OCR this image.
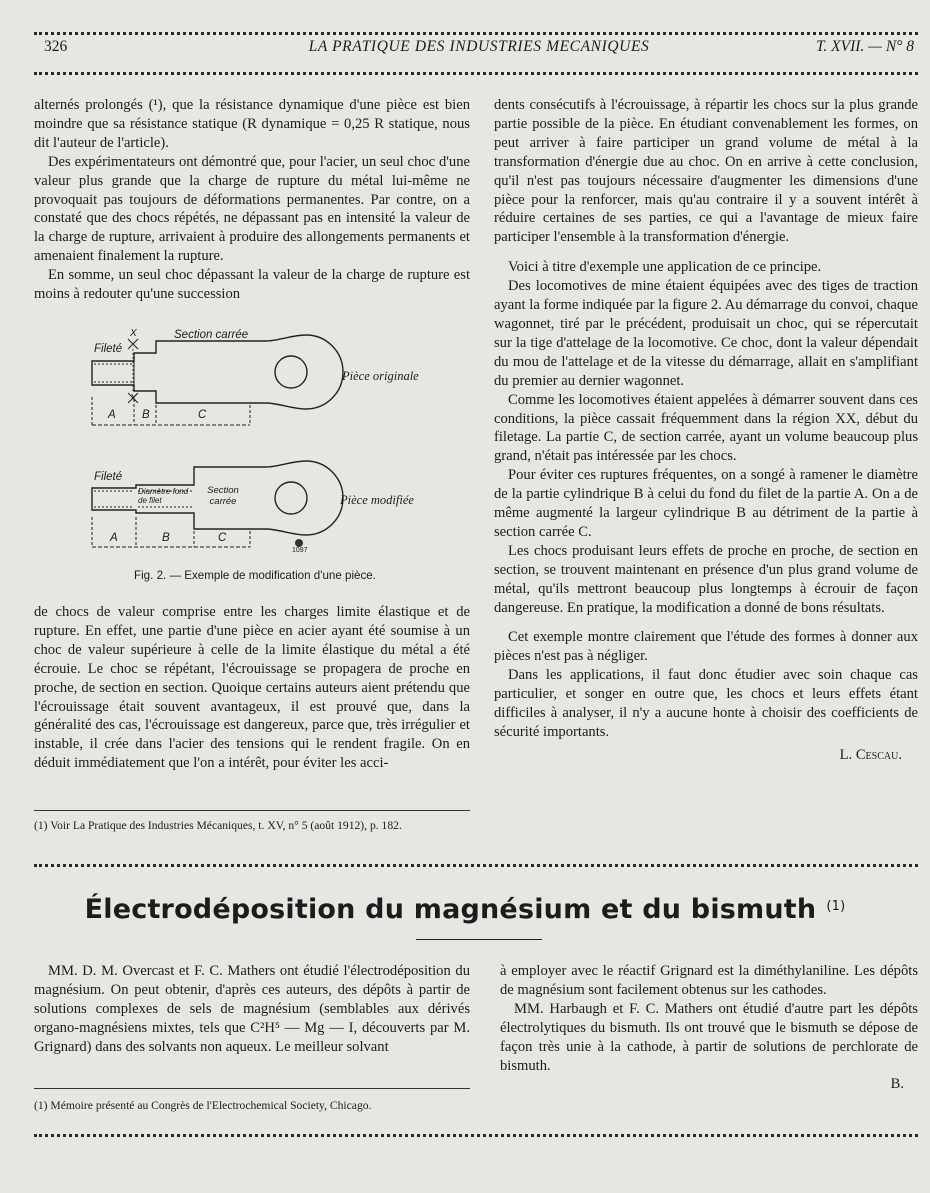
326	LA PRATIQUE DES INDUSTRIES MECANIQUES	T. XVII. — N° 8

alternés prolongés (¹), que la résistance dynamique d'une pièce est bien moindre que sa résistance statique (R dynamique = 0,25 R statique, nous dit l'auteur de l'article).

Des expérimentateurs ont démontré que, pour l'acier, un seul choc d'une valeur plus grande que la charge de rupture du métal lui-même ne provoquait pas toujours de déformations permanentes. Par contre, on a constaté que des chocs répétés, ne dépassant pas en intensité la valeur de la charge de rupture, arrivaient à produire des allongements permanents et amenaient finalement la rupture.

En somme, un seul choc dépassant la valeur de la charge de rupture est moins à redouter qu'une succession

Fileté
X	Section carrée
X
Pièce originale
A B	C
Fileté
Diamètre fond de filet
Section carrée	Pièce modifiée
A	B	C
1097
Fig. 2. — Exemple de modification d'une pièce.

de chocs de valeur comprise entre les charges limite élastique et de rupture. En effet, une partie d'une pièce en acier ayant été soumise à un choc de valeur supérieure à celle de la limite élastique du métal a été écrouie. Le choc se répétant, l'écrouissage se propagera de proche en proche, de section en section. Quoique certains auteurs aient prétendu que l'écrouissage était souvent avantageux, il est prouvé que, dans la généralité des cas, l'écrouissage est dangereux, parce que, très irrégulier et instable, il crée dans l'acier des tensions qui le rendent fragile. On en déduit immédiatement que l'on a intérêt, pour éviter les acci-

(1) Voir La Pratique des Industries Mécaniques, t. XV, n° 5 (août 1912), p. 182.

dents consécutifs à l'écrouissage, à répartir les chocs sur la plus grande partie possible de la pièce. En étudiant convenablement les formes, on peut arriver à faire participer un grand volume de métal à la transformation d'énergie due au choc. On en arrive à cette conclusion, qu'il n'est pas toujours nécessaire d'augmenter les dimensions d'une pièce pour la renforcer, mais qu'au contraire il y a souvent intérêt à réduire certaines de ses parties, ce qui a l'avantage de mieux faire participer l'ensemble à la transformation d'énergie.

Voici à titre d'exemple une application de ce principe.

Des locomotives de mine étaient équipées avec des tiges de traction ayant la forme indiquée par la figure 2. Au démarrage du convoi, chaque wagonnet, tiré par le précédent, produisait un choc, qui se répercutait sur la tige d'attelage de la locomotive. Ce choc, dont la valeur dépendait du mou de l'attelage et de la vitesse du démarrage, allait en s'amplifiant du premier au dernier wagonnet.

Comme les locomotives étaient appelées à démarrer souvent dans ces conditions, la pièce cassait fréquemment dans la région XX, début du filetage. La partie C, de section carrée, ayant un volume beaucoup plus grand, n'était pas intéressée par les chocs.

Pour éviter ces ruptures fréquentes, on a songé à ramener le diamètre de la partie cylindrique B à celui du fond du filet de la partie A. On a de même augmenté la largeur cylindrique B au détriment de la partie à section carrée C.

Les chocs produisant leurs effets de proche en proche, de section en section, se trouvent maintenant en présence d'un plus grand volume de métal, qu'ils mettront beaucoup plus longtemps à écrouir de façon dangereuse. En pratique, la modification a donné de bons résultats.

Cet exemple montre clairement que l'étude des formes à donner aux pièces n'est pas à négliger.

Dans les applications, il faut donc étudier avec soin chaque cas particulier, et songer en outre que, les chocs et leurs effets étant difficiles à analyser, il n'y a aucune honte à choisir des coefficients de sécurité importants.

L. Cescau.

Électrodéposition du magnésium et du bismuth $^{(1)}$

MM. D. M. Overcast et F. C. Mathers ont étudié l'électrodéposition du magnésium. On peut obtenir, d'après ces auteurs, des dépôts à partir de solutions complexes de sels de magnésium (semblables aux dérivés organo-magnésiens mixtes, tels que C²H⁵ — Mg — I, découverts par M. Grignard) dans des solvants non aqueux. Le meilleur solvant

(1) Mémoire présenté au Congrès de l'Electrochemical Society, Chicago.

à employer avec le réactif Grignard est la diméthylaniline. Les dépôts de magnésium sont facilement obtenus sur les cathodes.

MM. Harbaugh et F. C. Mathers ont étudié d'autre part les dépôts électrolytiques du bismuth. Ils ont trouvé que le bismuth se dépose de façon très unie à la cathode, à partir de solutions de perchlorate de bismuth.

B.
